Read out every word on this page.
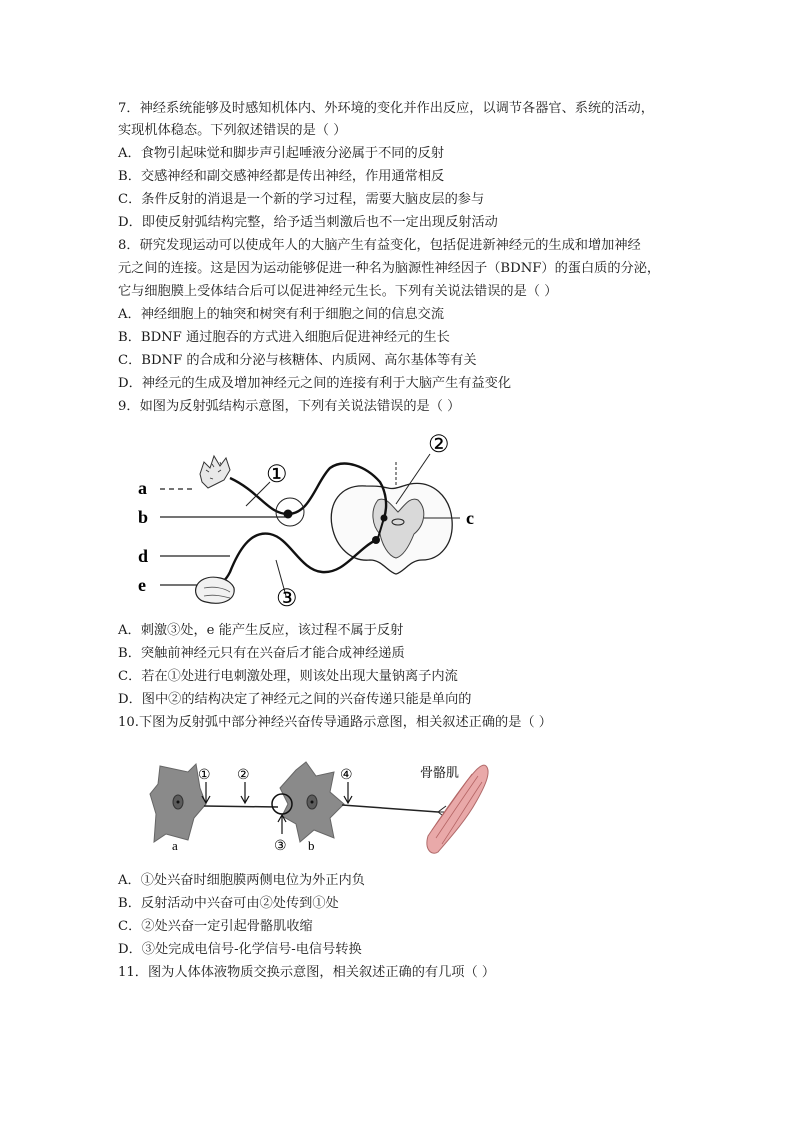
7．神经系统能够及时感知机体内、外环境的变化并作出反应，以调节各器官、系统的活动，
实现机体稳态。下列叙述错误的是（ ）
A．食物引起味觉和脚步声引起唾液分泌属于不同的反射
B．交感神经和副交感神经都是传出神经，作用通常相反
C．条件反射的消退是一个新的学习过程，需要大脑皮层的参与
D．即使反射弧结构完整，给予适当刺激后也不一定出现反射活动
8．研究发现运动可以使成年人的大脑产生有益变化，包括促进新神经元的生成和增加神经
元之间的连接。这是因为运动能够促进一种名为脑源性神经因子（BDNF）的蛋白质的分泌，
它与细胞膜上受体结合后可以促进神经元生长。下列有关说法错误的是（ ）
A．神经细胞上的轴突和树突有利于细胞之间的信息交流
B．BDNF 通过胞吞的方式进入细胞后促进神经元的生长
C．BDNF 的合成和分泌与核糖体、内质网、高尔基体等有关
D．神经元的生成及增加神经元之间的连接有利于大脑产生有益变化
9．如图为反射弧结构示意图，下列有关说法错误的是（ ）
a
b
d
e
c
①
②
③
A．刺激③处，e 能产生反应，该过程不属于反射
B．突触前神经元只有在兴奋后才能合成神经递质
C．若在①处进行电刺激处理，则该处出现大量钠离子内流
D．图中②的结构决定了神经元之间的兴奋传递只能是单向的
10.下图为反射弧中部分神经兴奋传导通路示意图，相关叙述正确的是（ ）
① ②
③
④
a	b
骨骼肌
A．①处兴奋时细胞膜两侧电位为外正内负
B．反射活动中兴奋可由②处传到①处
C．②处兴奋一定引起骨骼肌收缩
D．③处完成电信号-化学信号-电信号转换
11．图为人体体液物质交换示意图，相关叙述正确的有几项（ ）
